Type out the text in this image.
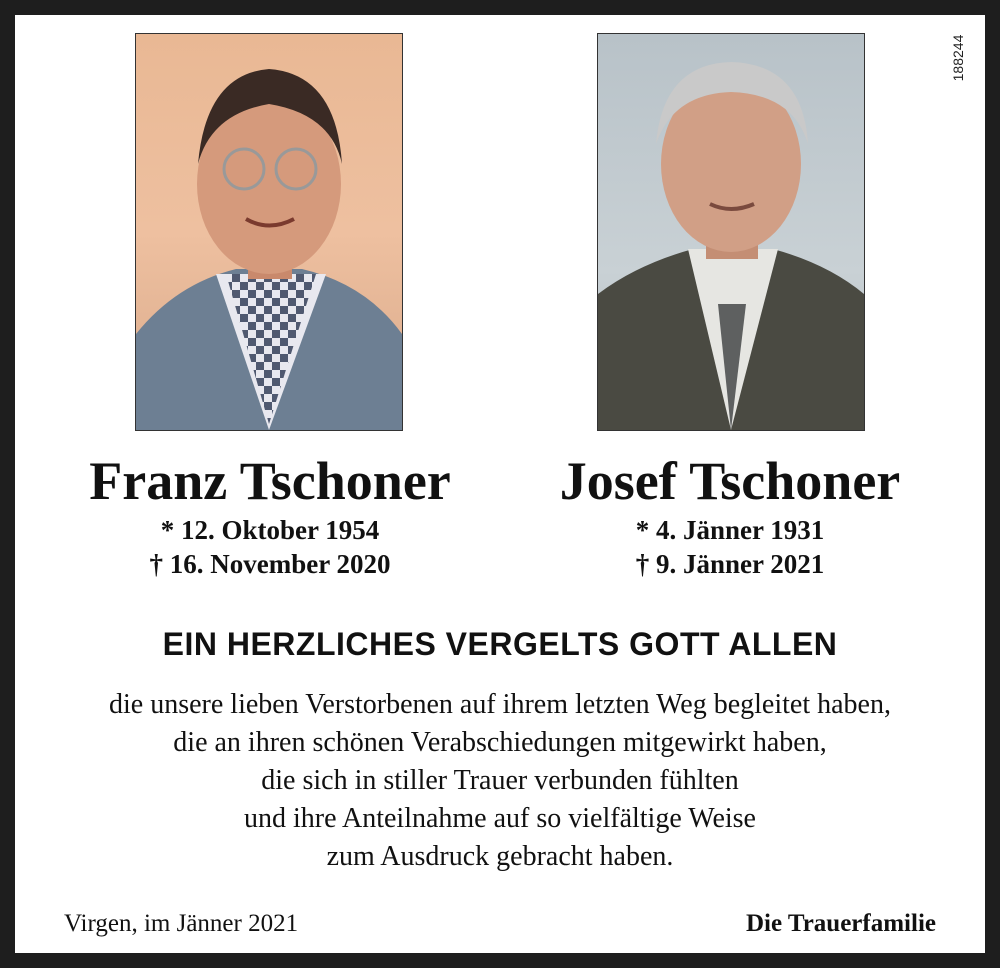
188244
Franz Tschoner
* 12. Oktober 1954
† 16. November 2020
Josef Tschoner
* 4. Jänner 1931
† 9. Jänner 2021
EIN HERZLICHES VERGELTS GOTT ALLEN
die unsere lieben Verstorbenen auf ihrem letzten Weg begleitet haben,
die an ihren schönen Verabschiedungen mitgewirkt haben,
die sich in stiller Trauer verbunden fühlten
und ihre Anteilnahme auf so vielfältige Weise
zum Ausdruck gebracht haben.
Virgen, im Jänner 2021	Die Trauerfamilie
